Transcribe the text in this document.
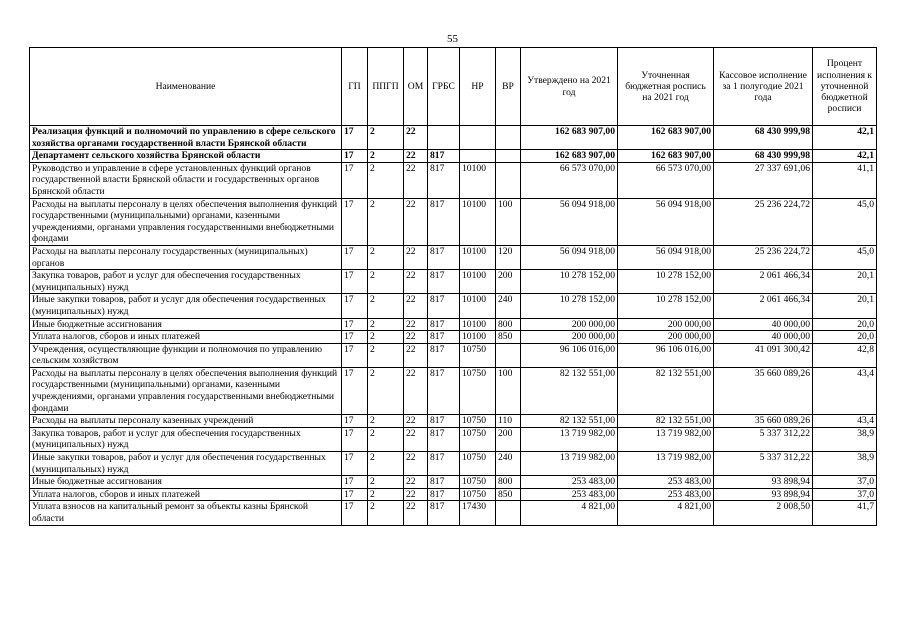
55
Наименование	ГП	ППГП	ОМ	ГРБС	НР	ВР	Утверждено на 2021 год	Уточненная бюджетная роспись на 2021 год	Кассовое исполнение за 1 полугодие 2021 года	Процент исполнения к уточненной бюджетной росписи
Реализация функций и полномочий по управлению в сфере сельского хозяйства органами государственной власти Брянской области	17	2	22				162 683 907,00	162 683 907,00	68 430 999,98	42,1
Департамент сельского хозяйства Брянской области	17	2	22	817			162 683 907,00	162 683 907,00	68 430 999,98	42,1
Руководство и управление в сфере установленных функций органов государственной власти Брянской области и государственных органов Брянской области	17	2	22	817	10100		66 573 070,00	66 573 070,00	27 337 691,06	41,1
Расходы на выплаты персоналу в целях обеспечения выполнения функций государственными (муниципальными) органами, казенными учреждениями, органами управления государственными внебюджетными фондами	17	2	22	817	10100	100	56 094 918,00	56 094 918,00	25 236 224,72	45,0
Расходы на выплаты персоналу государственных (муниципальных) органов	17	2	22	817	10100	120	56 094 918,00	56 094 918,00	25 236 224,72	45,0
Закупка товаров, работ и услуг для обеспечения государственных (муниципальных) нужд	17	2	22	817	10100	200	10 278 152,00	10 278 152,00	2 061 466,34	20,1
Иные закупки товаров, работ и услуг для обеспечения государственных (муниципальных) нужд	17	2	22	817	10100	240	10 278 152,00	10 278 152,00	2 061 466,34	20,1
Иные бюджетные ассигнования	17	2	22	817	10100	800	200 000,00	200 000,00	40 000,00	20,0
Уплата налогов, сборов и иных платежей	17	2	22	817	10100	850	200 000,00	200 000,00	40 000,00	20,0
Учреждения, осуществляющие функции и полномочия по управлению сельским хозяйством	17	2	22	817	10750		96 106 016,00	96 106 016,00	41 091 300,42	42,8
Расходы на выплаты персоналу в целях обеспечения выполнения функций государственными (муниципальными) органами, казенными учреждениями, органами управления государственными внебюджетными фондами	17	2	22	817	10750	100	82 132 551,00	82 132 551,00	35 660 089,26	43,4
Расходы на выплаты персоналу казенных учреждений	17	2	22	817	10750	110	82 132 551,00	82 132 551,00	35 660 089,26	43,4
Закупка товаров, работ и услуг для обеспечения государственных (муниципальных) нужд	17	2	22	817	10750	200	13 719 982,00	13 719 982,00	5 337 312,22	38,9
Иные закупки товаров, работ и услуг для обеспечения государственных (муниципальных) нужд	17	2	22	817	10750	240	13 719 982,00	13 719 982,00	5 337 312,22	38,9
Иные бюджетные ассигнования	17	2	22	817	10750	800	253 483,00	253 483,00	93 898,94	37,0
Уплата налогов, сборов и иных платежей	17	2	22	817	10750	850	253 483,00	253 483,00	93 898,94	37,0
Уплата взносов на капитальный ремонт за объекты казны Брянской области	17	2	22	817	17430		4 821,00	4 821,00	2 008,50	41,7
